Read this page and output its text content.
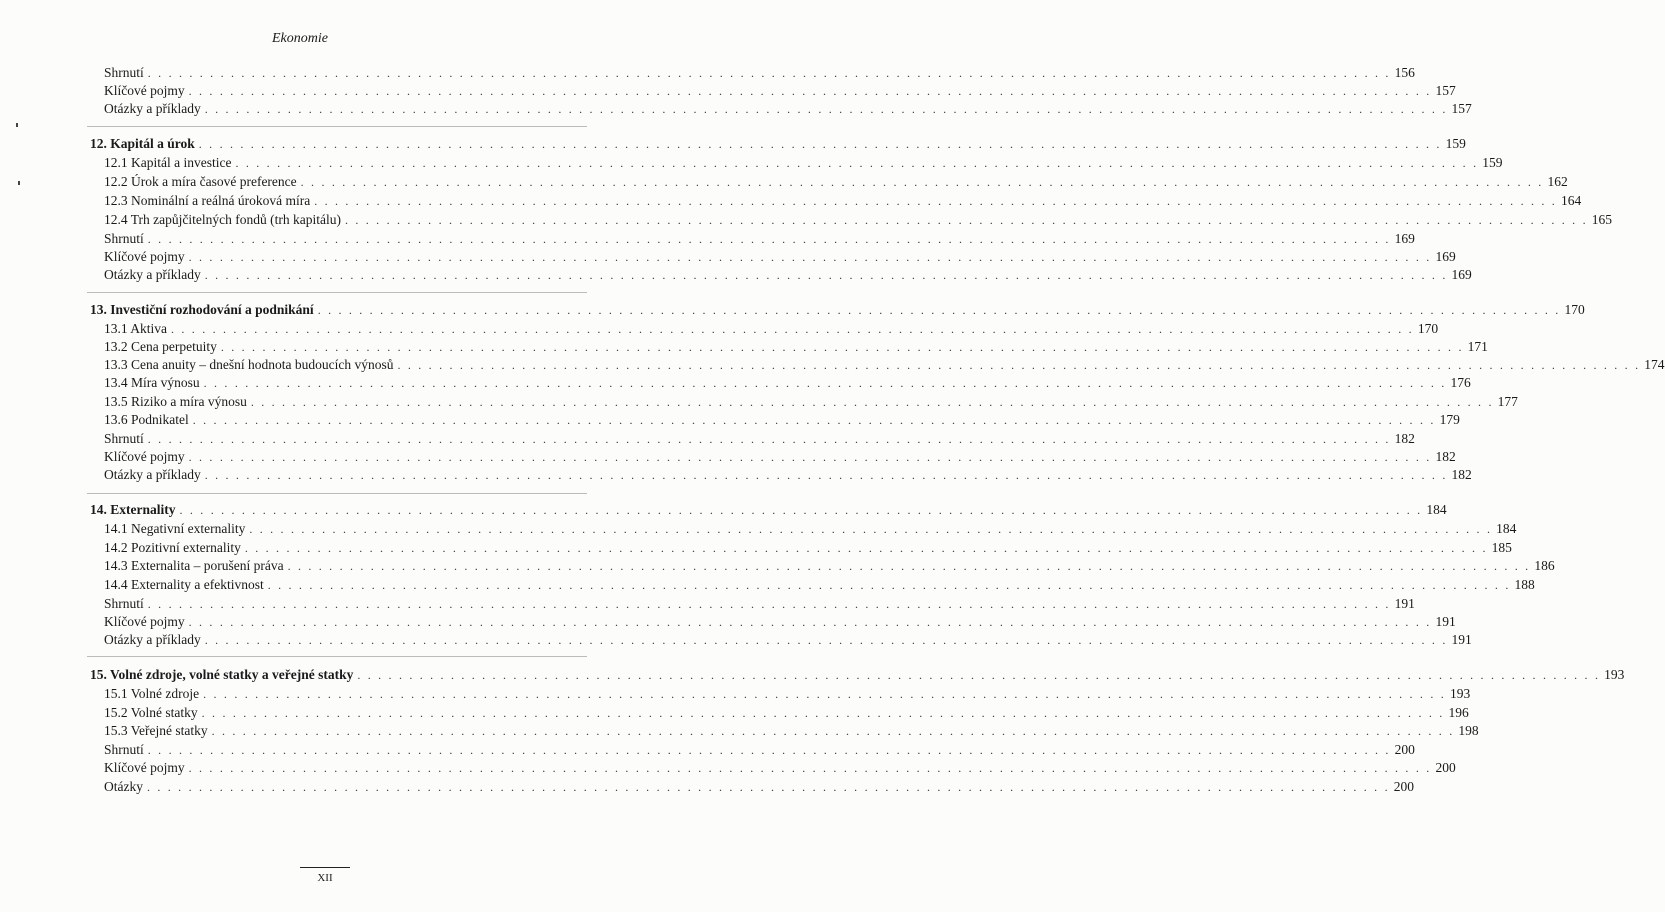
Ekonomie
Shrnutí . . . . . . . . . . . . . . . . . . . . . . . . . . . . . . . . . . . . . . . . . . . . . . . . . . . . . . . . . . . . . . . . . . . . . . . . . . . . . . . . . . . . . . . . . . . . . . . . . . . . . . . . . . . . . . . . . . . . . . . . 156
Klíčové pojmy . . . . . . . . . . . . . . . . . . . . . . . . . . . . . . . . . . . . . . . . . . . . . . . . . . . . . . . . . . . . . . . . . . . . . . . . . . . . . . . . . . . . . . . . . . . . . . . . . . . . . . . . . . . . . . . . . . . . . . . . 157
Otázky a příklady . . . . . . . . . . . . . . . . . . . . . . . . . . . . . . . . . . . . . . . . . . . . . . . . . . . . . . . . . . . . . . . . . . . . . . . . . . . . . . . . . . . . . . . . . . . . . . . . . . . . . . . . . . . . . . . . . . . . . . . . 157
12. Kapitál a úrok . . . . . . . . . . . . . . . . . . . . . . . . . . . . . . . . . . . . . . . . . . . . . . . . . . . . . . . . . . . . . . . . . . . . . . . . . . . . . . . . . . . . . . . . . . . . . . . . . . . . . . . . . . . . . . . . . . . . . . . . 159
12.1 Kapitál a investice . . . . . . . . . . . . . . . . . . . . . . . . . . . . . . . . . . . . . . . . . . . . . . . . . . . . . . . . . . . . . . . . . . . . . . . . . . . . . . . . . . . . . . . . . . . . . . . . . . . . . . . . . . . . . . . . . . . . . . . . 159
12.2 Úrok a míra časové preference . . . . . . . . . . . . . . . . . . . . . . . . . . . . . . . . . . . . . . . . . . . . . . . . . . . . . . . . . . . . . . . . . . . . . . . . . . . . . . . . . . . . . . . . . . . . . . . . . . . . . . . . . . . . . . . . . . . . . . . . 162
12.3 Nominální a reálná úroková míra . . . . . . . . . . . . . . . . . . . . . . . . . . . . . . . . . . . . . . . . . . . . . . . . . . . . . . . . . . . . . . . . . . . . . . . . . . . . . . . . . . . . . . . . . . . . . . . . . . . . . . . . . . . . . . . . . . . . . . . . 164
12.4 Trh zapůjčitelných fondů (trh kapitálu) . . . . . . . . . . . . . . . . . . . . . . . . . . . . . . . . . . . . . . . . . . . . . . . . . . . . . . . . . . . . . . . . . . . . . . . . . . . . . . . . . . . . . . . . . . . . . . . . . . . . . . . . . . . . . . . . . . . . . . . . 165
Shrnutí . . . . . . . . . . . . . . . . . . . . . . . . . . . . . . . . . . . . . . . . . . . . . . . . . . . . . . . . . . . . . . . . . . . . . . . . . . . . . . . . . . . . . . . . . . . . . . . . . . . . . . . . . . . . . . . . . . . . . . . . 169
Klíčové pojmy . . . . . . . . . . . . . . . . . . . . . . . . . . . . . . . . . . . . . . . . . . . . . . . . . . . . . . . . . . . . . . . . . . . . . . . . . . . . . . . . . . . . . . . . . . . . . . . . . . . . . . . . . . . . . . . . . . . . . . . . 169
Otázky a příklady . . . . . . . . . . . . . . . . . . . . . . . . . . . . . . . . . . . . . . . . . . . . . . . . . . . . . . . . . . . . . . . . . . . . . . . . . . . . . . . . . . . . . . . . . . . . . . . . . . . . . . . . . . . . . . . . . . . . . . . . 169
13. Investiční rozhodování a podnikání . . . . . . . . . . . . . . . . . . . . . . . . . . . . . . . . . . . . . . . . . . . . . . . . . . . . . . . . . . . . . . . . . . . . . . . . . . . . . . . . . . . . . . . . . . . . . . . . . . . . . . . . . . . . . . . . . . . . . . . . 170
13.1 Aktiva . . . . . . . . . . . . . . . . . . . . . . . . . . . . . . . . . . . . . . . . . . . . . . . . . . . . . . . . . . . . . . . . . . . . . . . . . . . . . . . . . . . . . . . . . . . . . . . . . . . . . . . . . . . . . . . . . . . . . . . . 170
13.2 Cena perpetuity . . . . . . . . . . . . . . . . . . . . . . . . . . . . . . . . . . . . . . . . . . . . . . . . . . . . . . . . . . . . . . . . . . . . . . . . . . . . . . . . . . . . . . . . . . . . . . . . . . . . . . . . . . . . . . . . . . . . . . . . 171
13.3 Cena anuity – dnešní hodnota budoucích výnosů . . . . . . . . . . . . . . . . . . . . . . . . . . . . . . . . . . . . . . . . . . . . . . . . . . . . . . . . . . . . . . . . . . . . . . . . . . . . . . . . . . . . . . . . . . . . . . . . . . . . . . . . . . . . . . . . . . . . . . . . 174
13.4 Míra výnosu . . . . . . . . . . . . . . . . . . . . . . . . . . . . . . . . . . . . . . . . . . . . . . . . . . . . . . . . . . . . . . . . . . . . . . . . . . . . . . . . . . . . . . . . . . . . . . . . . . . . . . . . . . . . . . . . . . . . . . . . 176
13.5 Riziko a míra výnosu . . . . . . . . . . . . . . . . . . . . . . . . . . . . . . . . . . . . . . . . . . . . . . . . . . . . . . . . . . . . . . . . . . . . . . . . . . . . . . . . . . . . . . . . . . . . . . . . . . . . . . . . . . . . . . . . . . . . . . . . 177
13.6 Podnikatel . . . . . . . . . . . . . . . . . . . . . . . . . . . . . . . . . . . . . . . . . . . . . . . . . . . . . . . . . . . . . . . . . . . . . . . . . . . . . . . . . . . . . . . . . . . . . . . . . . . . . . . . . . . . . . . . . . . . . . . . 179
Shrnutí . . . . . . . . . . . . . . . . . . . . . . . . . . . . . . . . . . . . . . . . . . . . . . . . . . . . . . . . . . . . . . . . . . . . . . . . . . . . . . . . . . . . . . . . . . . . . . . . . . . . . . . . . . . . . . . . . . . . . . . . 182
Klíčové pojmy . . . . . . . . . . . . . . . . . . . . . . . . . . . . . . . . . . . . . . . . . . . . . . . . . . . . . . . . . . . . . . . . . . . . . . . . . . . . . . . . . . . . . . . . . . . . . . . . . . . . . . . . . . . . . . . . . . . . . . . . 182
Otázky a příklady . . . . . . . . . . . . . . . . . . . . . . . . . . . . . . . . . . . . . . . . . . . . . . . . . . . . . . . . . . . . . . . . . . . . . . . . . . . . . . . . . . . . . . . . . . . . . . . . . . . . . . . . . . . . . . . . . . . . . . . . 182
14. Externality . . . . . . . . . . . . . . . . . . . . . . . . . . . . . . . . . . . . . . . . . . . . . . . . . . . . . . . . . . . . . . . . . . . . . . . . . . . . . . . . . . . . . . . . . . . . . . . . . . . . . . . . . . . . . . . . . . . . . . . . 184
14.1 Negativní externality . . . . . . . . . . . . . . . . . . . . . . . . . . . . . . . . . . . . . . . . . . . . . . . . . . . . . . . . . . . . . . . . . . . . . . . . . . . . . . . . . . . . . . . . . . . . . . . . . . . . . . . . . . . . . . . . . . . . . . . . 184
14.2 Pozitivní externality . . . . . . . . . . . . . . . . . . . . . . . . . . . . . . . . . . . . . . . . . . . . . . . . . . . . . . . . . . . . . . . . . . . . . . . . . . . . . . . . . . . . . . . . . . . . . . . . . . . . . . . . . . . . . . . . . . . . . . . . 185
14.3 Externalita – porušení práva . . . . . . . . . . . . . . . . . . . . . . . . . . . . . . . . . . . . . . . . . . . . . . . . . . . . . . . . . . . . . . . . . . . . . . . . . . . . . . . . . . . . . . . . . . . . . . . . . . . . . . . . . . . . . . . . . . . . . . . . 186
14.4 Externality a efektivnost . . . . . . . . . . . . . . . . . . . . . . . . . . . . . . . . . . . . . . . . . . . . . . . . . . . . . . . . . . . . . . . . . . . . . . . . . . . . . . . . . . . . . . . . . . . . . . . . . . . . . . . . . . . . . . . . . . . . . . . . 188
Shrnutí . . . . . . . . . . . . . . . . . . . . . . . . . . . . . . . . . . . . . . . . . . . . . . . . . . . . . . . . . . . . . . . . . . . . . . . . . . . . . . . . . . . . . . . . . . . . . . . . . . . . . . . . . . . . . . . . . . . . . . . . 191
Klíčové pojmy . . . . . . . . . . . . . . . . . . . . . . . . . . . . . . . . . . . . . . . . . . . . . . . . . . . . . . . . . . . . . . . . . . . . . . . . . . . . . . . . . . . . . . . . . . . . . . . . . . . . . . . . . . . . . . . . . . . . . . . . 191
Otázky a příklady . . . . . . . . . . . . . . . . . . . . . . . . . . . . . . . . . . . . . . . . . . . . . . . . . . . . . . . . . . . . . . . . . . . . . . . . . . . . . . . . . . . . . . . . . . . . . . . . . . . . . . . . . . . . . . . . . . . . . . . . 191
15. Volné zdroje, volné statky a veřejné statky . . . . . . . . . . . . . . . . . . . . . . . . . . . . . . . . . . . . . . . . . . . . . . . . . . . . . . . . . . . . . . . . . . . . . . . . . . . . . . . . . . . . . . . . . . . . . . . . . . . . . . . . . . . . . . . . . . . . . . . . 193
15.1 Volné zdroje . . . . . . . . . . . . . . . . . . . . . . . . . . . . . . . . . . . . . . . . . . . . . . . . . . . . . . . . . . . . . . . . . . . . . . . . . . . . . . . . . . . . . . . . . . . . . . . . . . . . . . . . . . . . . . . . . . . . . . . . 193
15.2 Volné statky . . . . . . . . . . . . . . . . . . . . . . . . . . . . . . . . . . . . . . . . . . . . . . . . . . . . . . . . . . . . . . . . . . . . . . . . . . . . . . . . . . . . . . . . . . . . . . . . . . . . . . . . . . . . . . . . . . . . . . . . 196
15.3 Veřejné statky . . . . . . . . . . . . . . . . . . . . . . . . . . . . . . . . . . . . . . . . . . . . . . . . . . . . . . . . . . . . . . . . . . . . . . . . . . . . . . . . . . . . . . . . . . . . . . . . . . . . . . . . . . . . . . . . . . . . . . . . 198
Shrnutí . . . . . . . . . . . . . . . . . . . . . . . . . . . . . . . . . . . . . . . . . . . . . . . . . . . . . . . . . . . . . . . . . . . . . . . . . . . . . . . . . . . . . . . . . . . . . . . . . . . . . . . . . . . . . . . . . . . . . . . . 200
Klíčové pojmy . . . . . . . . . . . . . . . . . . . . . . . . . . . . . . . . . . . . . . . . . . . . . . . . . . . . . . . . . . . . . . . . . . . . . . . . . . . . . . . . . . . . . . . . . . . . . . . . . . . . . . . . . . . . . . . . . . . . . . . . 200
Otázky . . . . . . . . . . . . . . . . . . . . . . . . . . . . . . . . . . . . . . . . . . . . . . . . . . . . . . . . . . . . . . . . . . . . . . . . . . . . . . . . . . . . . . . . . . . . . . . . . . . . . . . . . . . . . . . . . . . . . . . . 200
XII
